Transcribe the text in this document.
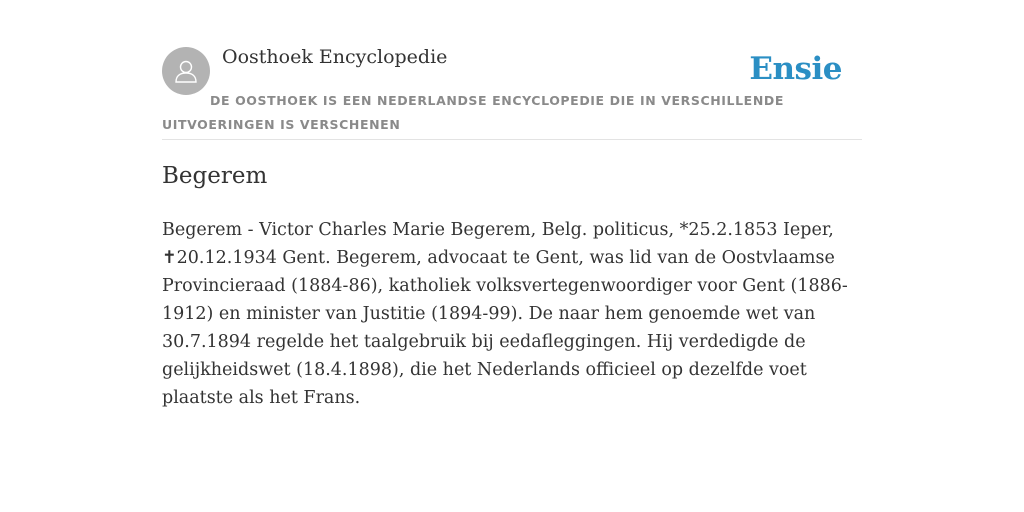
Oosthoek Encyclopedie	Ensie
DE OOSTHOEK IS EEN NEDERLANDSE ENCYCLOPEDIE DIE IN VERSCHILLENDE UITVOERINGEN IS VERSCHENEN
Begerem

Begerem - Victor Charles Marie Begerem, Belg. politicus, *25.2.1853 Ieper, ✝20.12.1934 Gent. Begerem, advocaat te Gent, was lid van de Oostvlaamse Provincieraad (1884-86), katholiek volksvertegenwoordiger voor Gent (1886-1912) en minister van Justitie (1894-99). De naar hem genoemde wet van 30.7.1894 regelde het taalgebruik bij eedafleggingen. Hij verdedigde de gelijkheidswet (18.4.1898), die het Nederlands officieel op dezelfde voet plaatste als het Frans.
